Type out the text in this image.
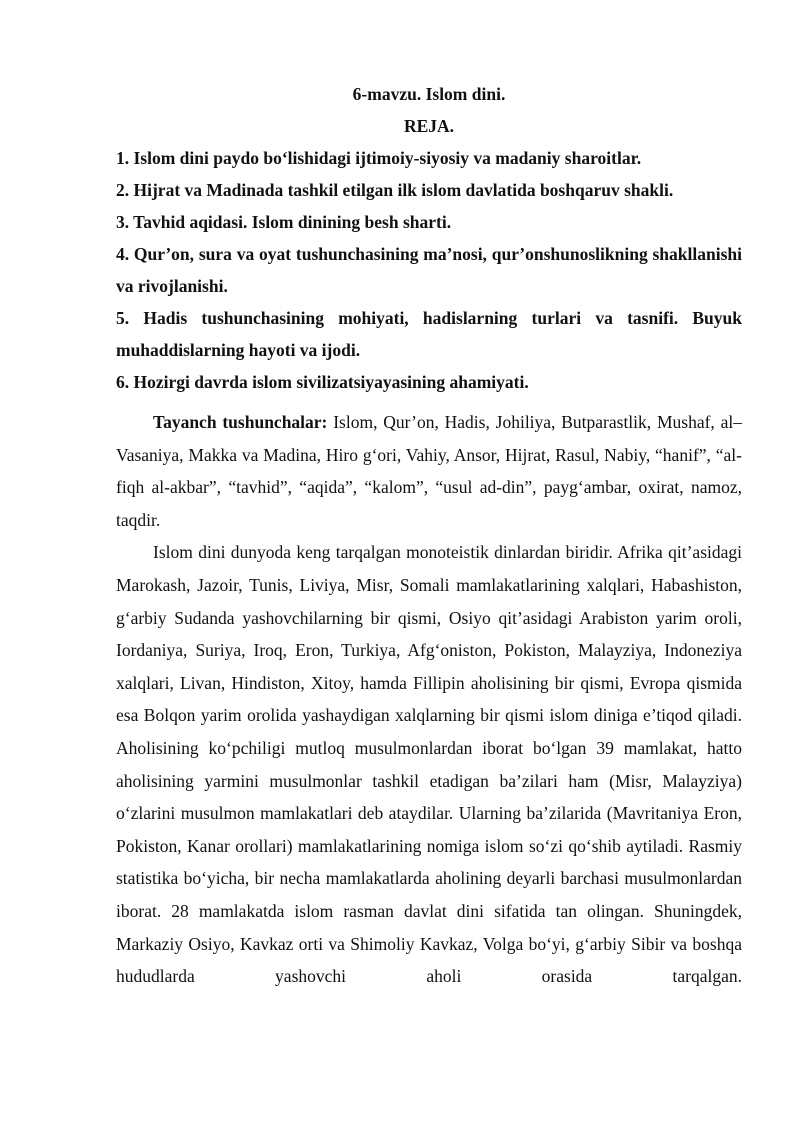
6-mavzu. Islom dini.
REJA.

1. Islom dini paydo boʻlishidagi ijtimoiy-siyosiy va madaniy sharoitlar.

2. Hijrat va Madinada tashkil etilgan ilk islom davlatida boshqaruv shakli.

3. Tavhid aqidasi. Islom dinining besh sharti.

4. Qur’on, sura va oyat tushunchasining ma’nosi, qur’onshunoslikning shakllanishi va rivojlanishi.

5. Hadis tushunchasining mohiyati, hadislarning turlari va tasnifi. Buyuk muhaddislarning hayoti va ijodi.

6. Hozirgi davrda islom sivilizatsiyayasining ahamiyati.

Tayanch tushunchalar: Islom, Qur’on, Hadis, Johiliya, Butparastlik, Mushaf, al–Vasaniya, Makka va Madina, Hiro gʻori, Vahiy, Ansor, Hijrat, Rasul, Nabiy, “hanif”, “al-fiqh al-akbar”, “tavhid”, “aqida”, “kalom”, “usul ad-din”, paygʻambar, oxirat, namoz, taqdir.

Islom dini dunyoda keng tarqalgan monoteistik dinlardan biridir. Afrika qit’asidagi Marokash, Jazoir, Tunis, Liviya, Misr, Somali mamlakatlarining xalqlari, Habashiston, gʻarbiy Sudanda yashovchilarning bir qismi, Osiyo qit’asidagi Arabiston yarim oroli, Iordaniya, Suriya, Iroq, Eron, Turkiya, Afgʻoniston, Pokiston, Malayziya, Indoneziya xalqlari, Livan, Hindiston, Xitoy, hamda Fillipin aholisining bir qismi, Evropa qismida esa Bolqon yarim orolida yashaydigan xalqlarning bir qismi islom diniga e’tiqod qiladi. Aholisining koʻpchiligi mutloq musulmonlardan iborat boʻlgan 39 mamlakat, hatto aholisining yarmini musulmonlar tashkil etadigan ba’zilari ham (Misr, Malayziya) oʻzlarini musulmon mamlakatlari deb ataydilar. Ularning ba’zilarida (Mavritaniya Eron, Pokiston, Kanar orollari) mamlakatlarining nomiga islom soʻzi qoʻshib aytiladi. Rasmiy statistika boʻyicha, bir necha mamlakatlarda aholining deyarli barchasi musulmonlardan iborat. 28 mamlakatda islom rasman davlat dini sifatida tan olingan. Shuningdek, Markaziy Osiyo, Kavkaz orti va Shimoliy Kavkaz, Volga boʻyi, gʻarbiy Sibir va boshqa hududlarda yashovchi aholi orasida tarqalgan.
